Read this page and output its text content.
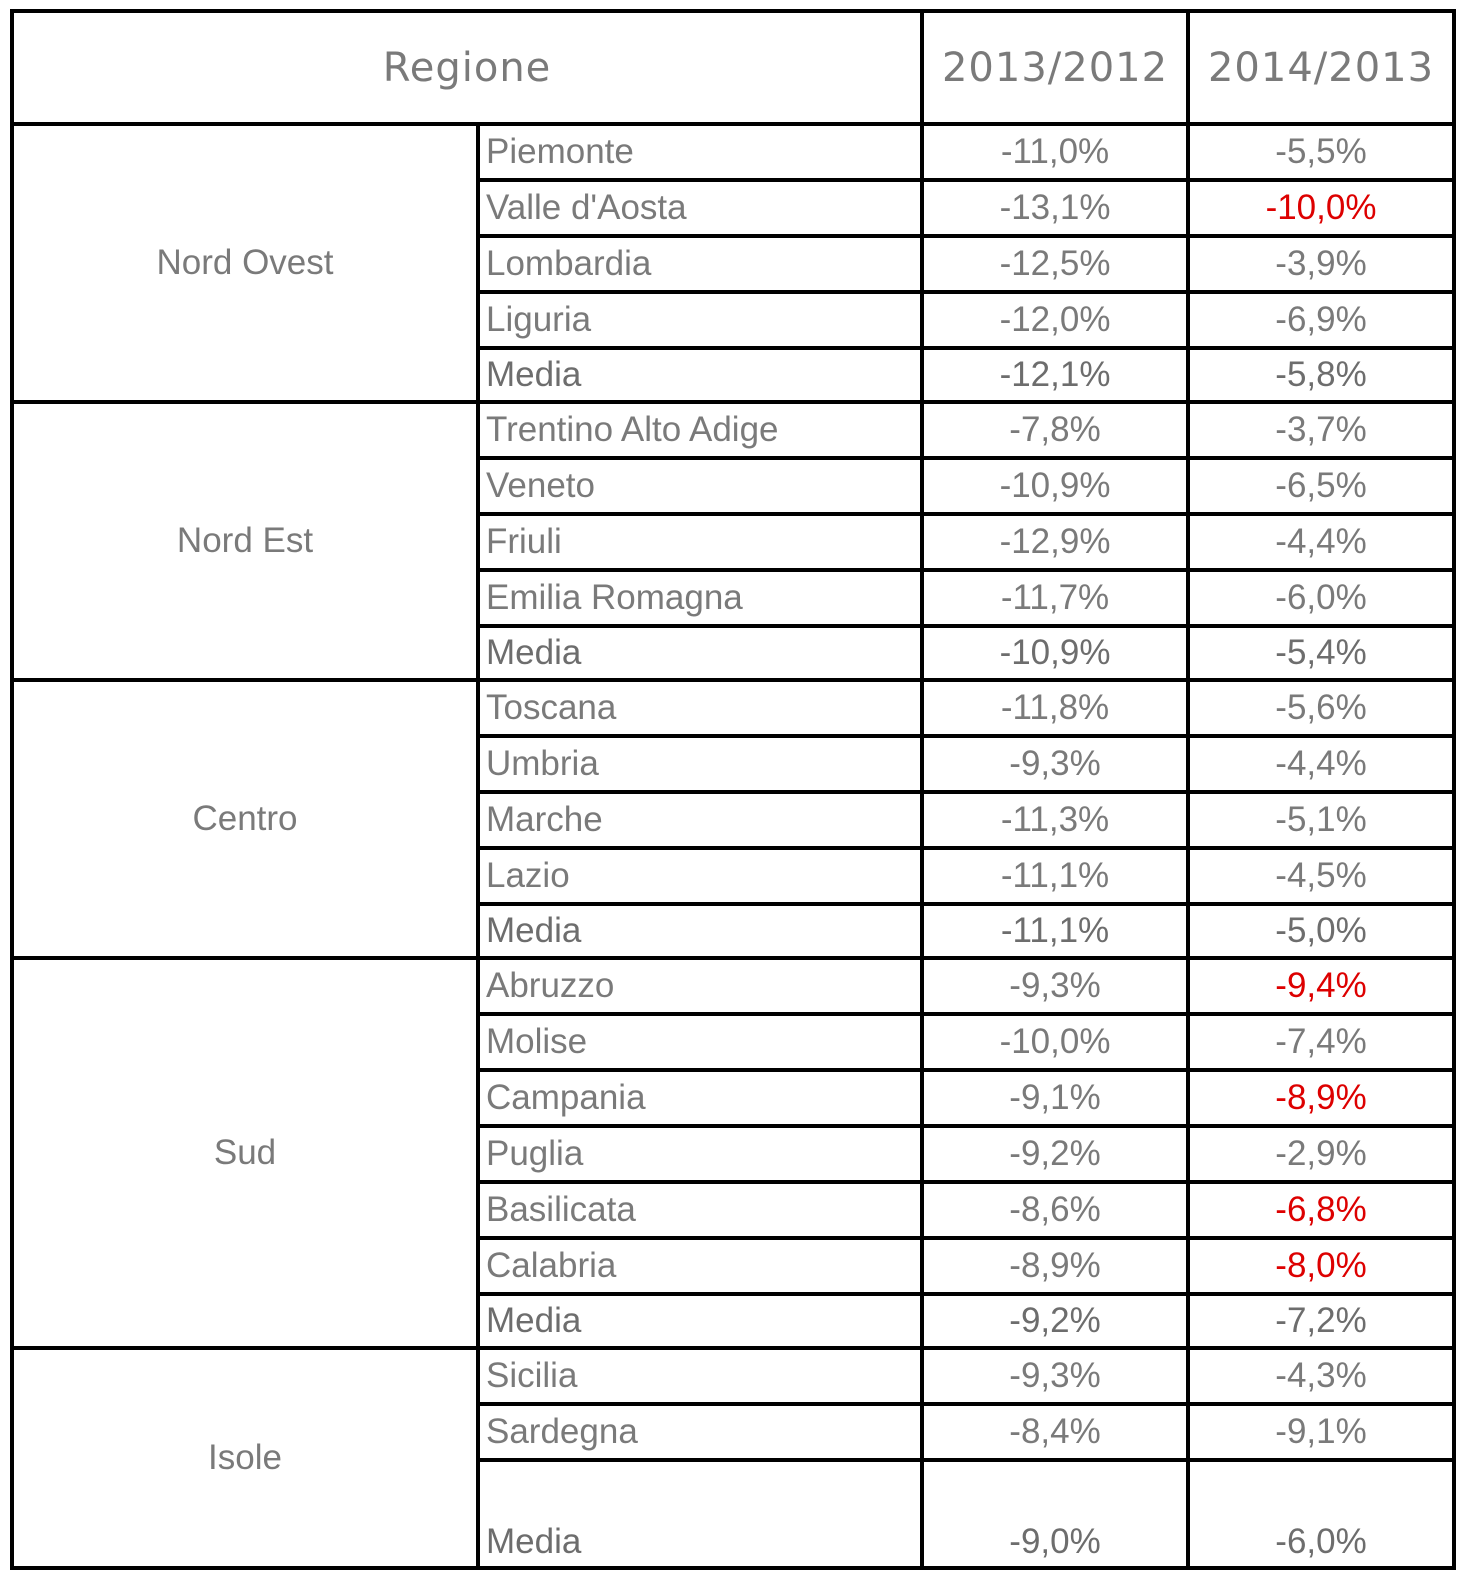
Regione		2013/2012	2014/2013
Nord Ovest	Piemonte	-11,0%	-5,5%
	Valle d'Aosta	-13,1%	-10,0%
	Lombardia	-12,5%	-3,9%
	Liguria	-12,0%	-6,9%
	Media	-12,1%	-5,8%
Nord Est	Trentino Alto Adige	-7,8%	-3,7%
	Veneto	-10,9%	-6,5%
	Friuli	-12,9%	-4,4%
	Emilia Romagna	-11,7%	-6,0%
	Media	-10,9%	-5,4%
Centro	Toscana	-11,8%	-5,6%
	Umbria	-9,3%	-4,4%
	Marche	-11,3%	-5,1%
	Lazio	-11,1%	-4,5%
	Media	-11,1%	-5,0%
Sud	Abruzzo	-9,3%	-9,4%
	Molise	-10,0%	-7,4%
	Campania	-9,1%	-8,9%
	Puglia	-9,2%	-2,9%
	Basilicata	-8,6%	-6,8%
	Calabria	-8,9%	-8,0%
	Media	-9,2%	-7,2%
Isole	Sicilia	-9,3%	-4,3%
	Sardegna	-8,4%	-9,1%
	Media	-9,0%	-6,0%
